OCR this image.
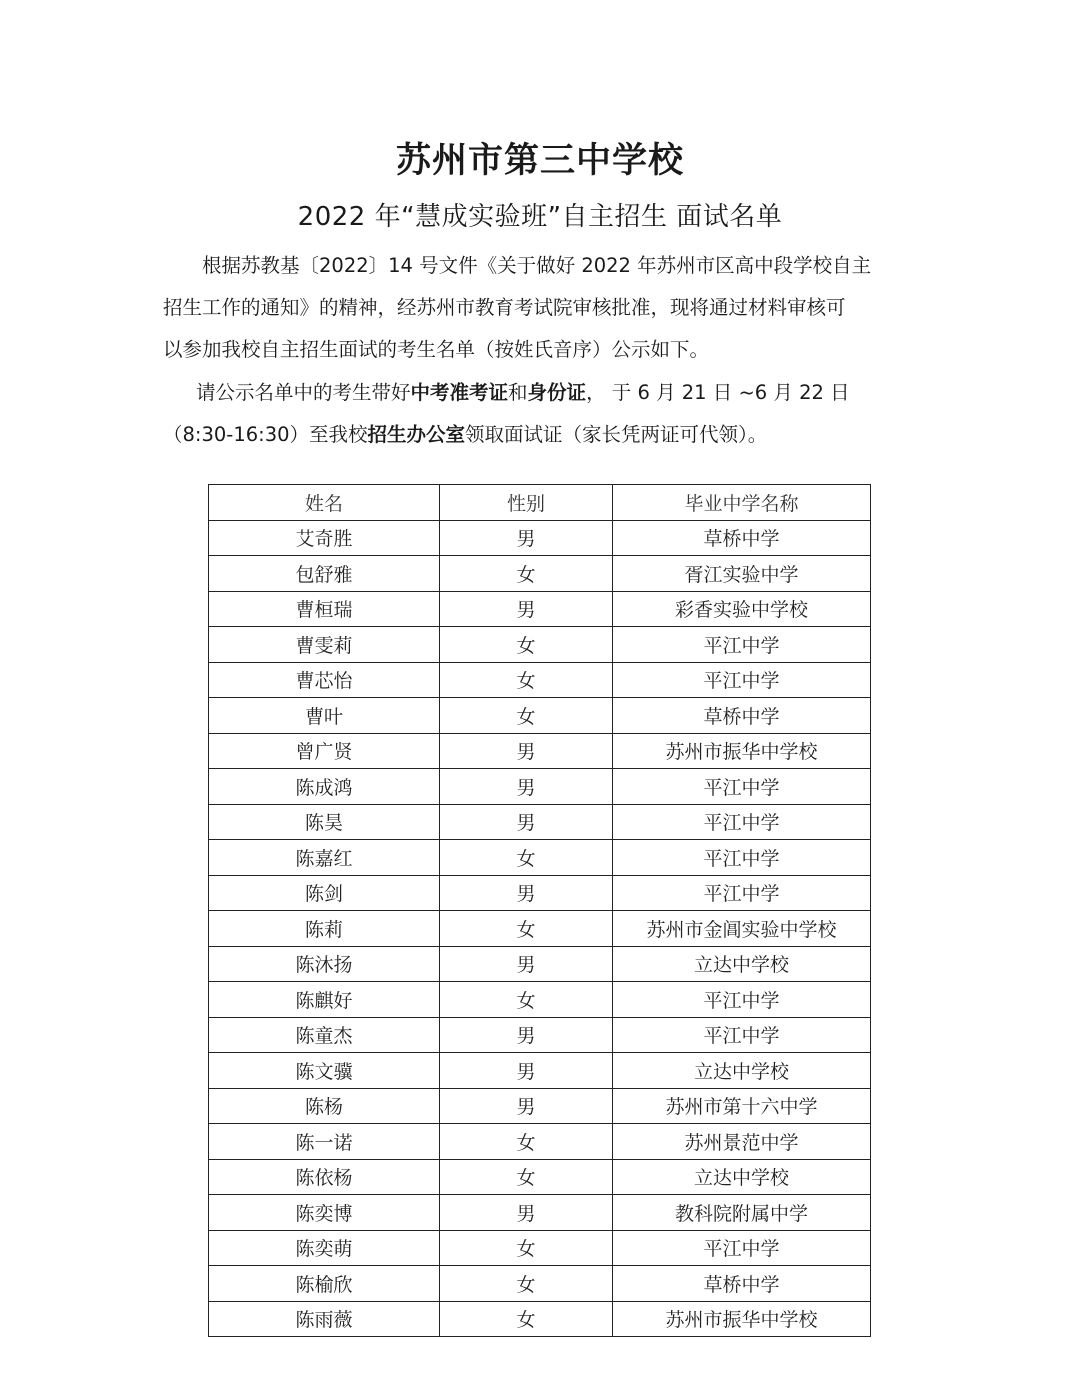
苏州市第三中学校
2022 年“慧成实验班”自主招生 面试名单

根据苏教基〔2022〕14 号文件《关于做好 2022 年苏州市区高中段学校自主

招生工作的通知》的精神，经苏州市教育考试院审核批准，现将通过材料审核可

以参加我校自主招生面试的考生名单（按姓氏音序）公示如下。

请公示名单中的考生带好中考准考证和身份证， 于 6 月 21 日 ~6 月 22 日

（8:30-16:30）至我校招生办公室领取面试证（家长凭两证可代领）。

姓名	性别	毕业中学名称
艾奇胜	男	草桥中学
包舒雅	女	胥江实验中学
曹桓瑞	男	彩香实验中学校
曹雯莉	女	平江中学
曹芯怡	女	平江中学
曹叶	女	草桥中学
曾广贤	男	苏州市振华中学校
陈成鸿	男	平江中学
陈昊	男	平江中学
陈嘉红	女	平江中学
陈剑	男	平江中学
陈莉	女	苏州市金阊实验中学校
陈沐扬	男	立达中学校
陈麒好	女	平江中学
陈童杰	男	平江中学
陈文骥	男	立达中学校
陈杨	男	苏州市第十六中学
陈一诺	女	苏州景范中学
陈依杨	女	立达中学校
陈奕博	男	教科院附属中学
陈奕萌	女	平江中学
陈榆欣	女	草桥中学
陈雨薇	女	苏州市振华中学校
